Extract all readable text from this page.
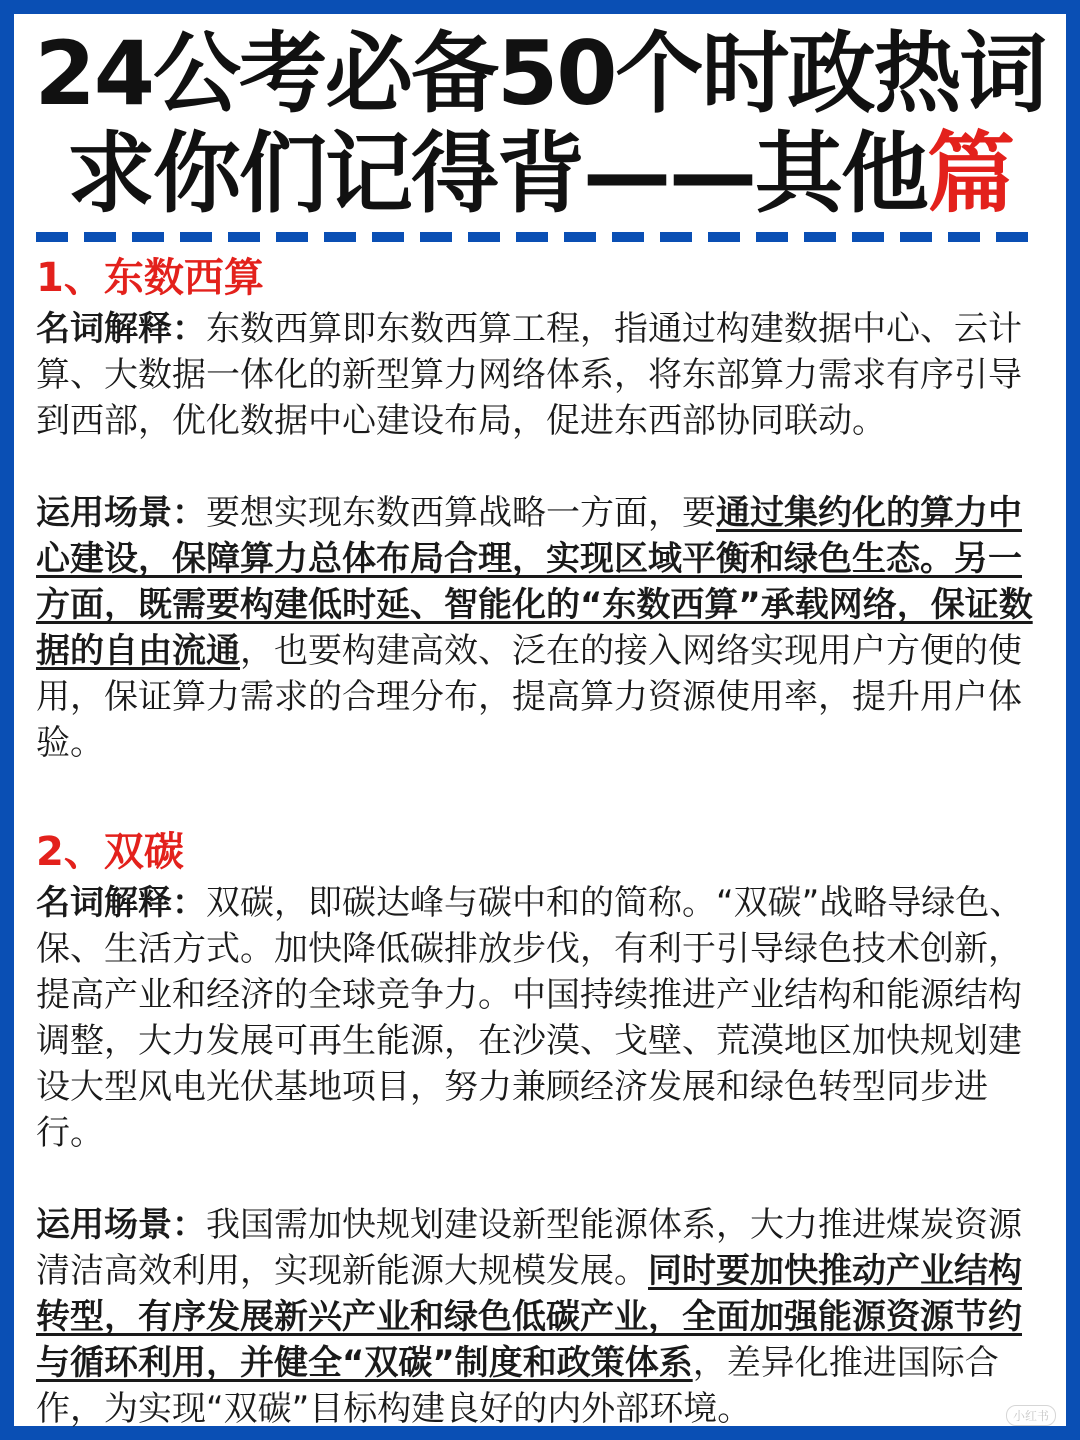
24公考必备50个时政热词
求你们记得背——其他篇

1、东数西算

名词解释：东数西算即东数西算工程，指通过构建数据中心、云计算、大数据一体化的新型算力网络体系，将东部算力需求有序引导到西部，优化数据中心建设布局，促进东西部协同联动。

运用场景：要想实现东数西算战略一方面，要通过集约化的算力中心建设，保障算力总体布局合理，实现区域平衡和绿色生态。另一方面，既需要构建低时延、智能化的“东数西算”承载网络，保证数据的自由流通，也要构建高效、泛在的接入网络实现用户方便的使用，保证算力需求的合理分布，提高算力资源使用率，提升用户体验。

2、双碳

名词解释：双碳，即碳达峰与碳中和的简称。“双碳”战略导绿色、保、生活方式。加快降低碳排放步伐，有利于引导绿色技术创新，提高产业和经济的全球竞争力。中国持续推进产业结构和能源结构调整，大力发展可再生能源，在沙漠、戈壁、荒漠地区加快规划建设大型风电光伏基地项目，努力兼顾经济发展和绿色转型同步进行。

运用场景：我国需加快规划建设新型能源体系，大力推进煤炭资源清洁高效利用，实现新能源大规模发展。同时要加快推动产业结构转型，有序发展新兴产业和绿色低碳产业，全面加强能源资源节约与循环利用，并健全“双碳”制度和政策体系，差异化推进国际合作，为实现“双碳”目标构建良好的内外部环境。	小红书
